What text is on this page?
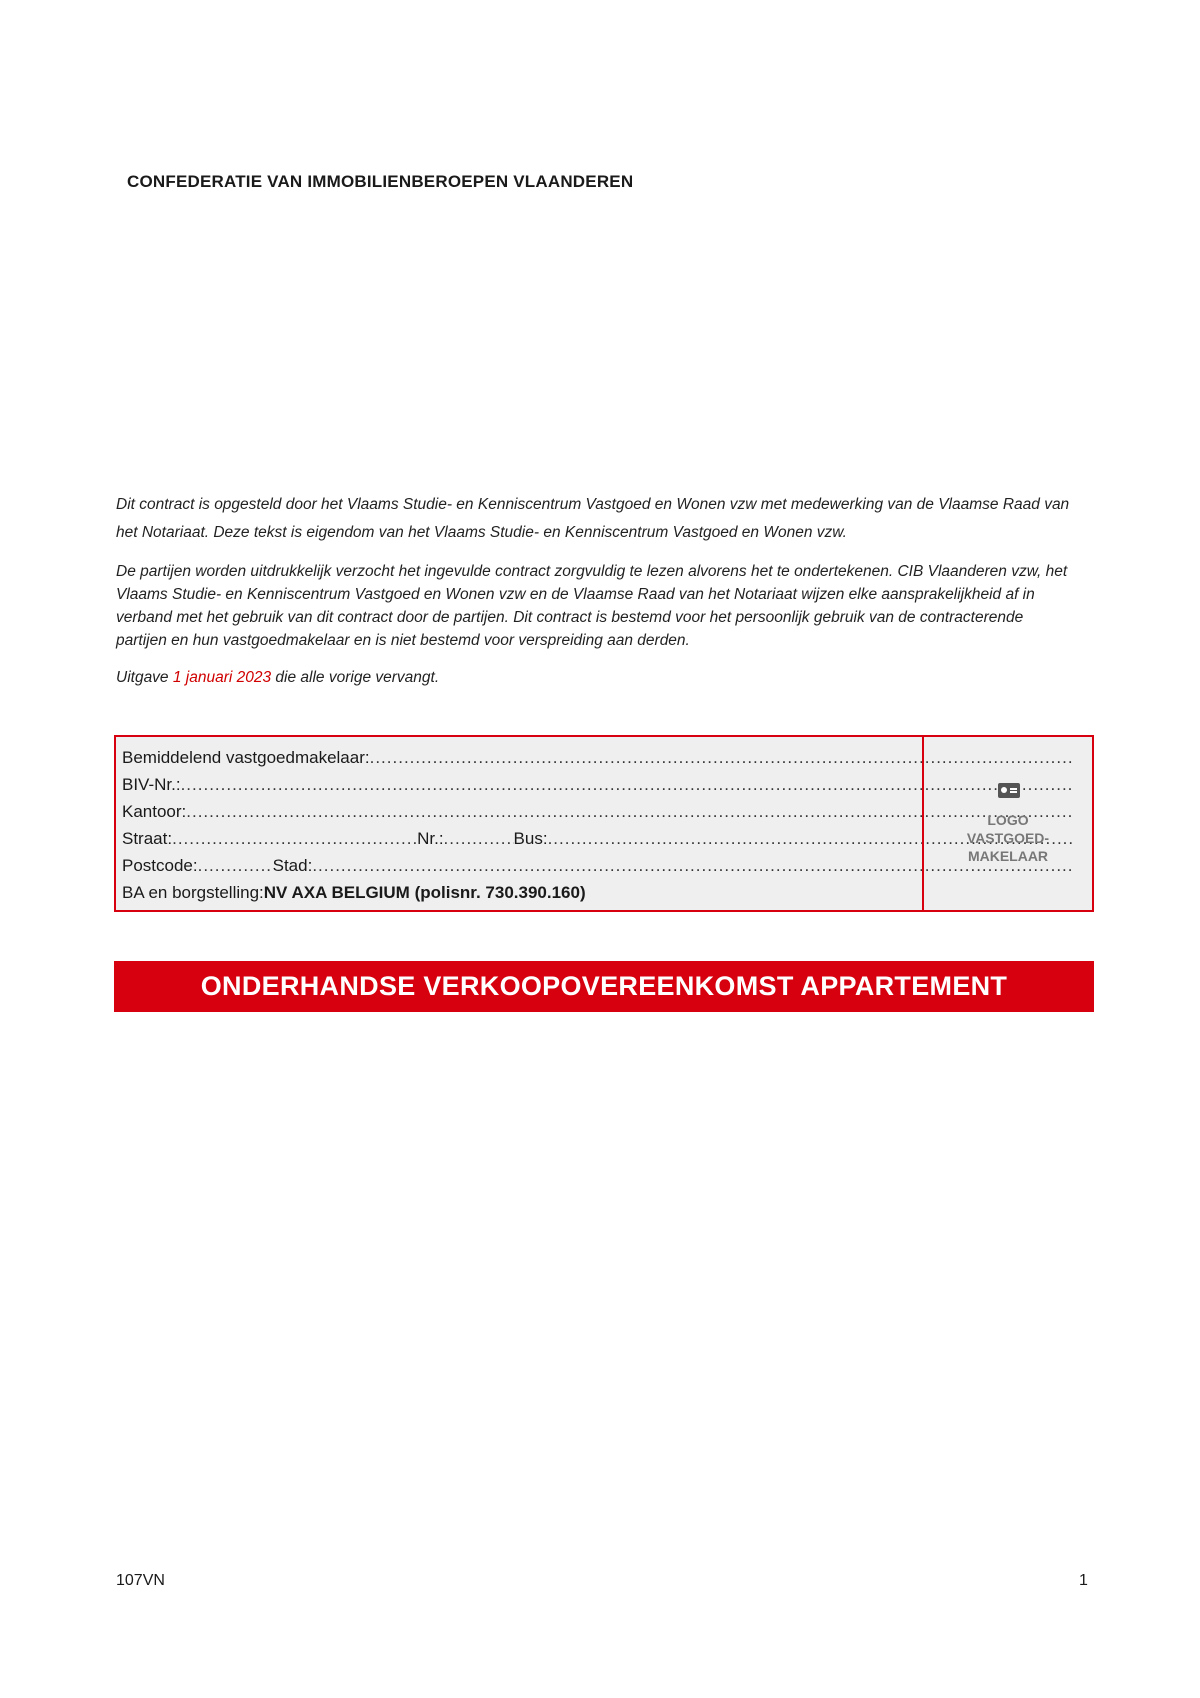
CONFEDERATIE VAN IMMOBILIENBEROEPEN VLAANDEREN
Dit contract is opgesteld door het Vlaams Studie- en Kenniscentrum Vastgoed en Wonen vzw met medewerking van de Vlaamse Raad van het Notariaat. Deze tekst is eigendom van het Vlaams Studie- en Kenniscentrum Vastgoed en Wonen vzw.
De partijen worden uitdrukkelijk verzocht het ingevulde contract zorgvuldig te lezen alvorens het te ondertekenen. CIB Vlaanderen vzw, het Vlaams Studie- en Kenniscentrum Vastgoed en Wonen vzw en de Vlaamse Raad van het Notariaat wijzen elke aansprakelijkheid af in verband met het gebruik van dit contract door de partijen. Dit contract is bestemd voor het persoonlijk gebruik van de contracterende partijen en hun vastgoedmakelaar en is niet bestemd voor verspreiding aan derden.
Uitgave 1 januari 2023 die alle vorige vervangt.
Bemiddelend vastgoedmakelaar:
.....
BIV-Nr.:
.....
Kantoor:
.....
Straat: .....	Nr.: .....	Bus:
.....
Postcode: .....	Stad:
.....
BA en borgstelling: NV AXA BELGIUM (polisnr. 730.390.160)
LOGO
VASTGOED-
MAKELAAR
ONDERHANDSE VERKOOPOVEREENKOMST APPARTEMENT
107VN	1
